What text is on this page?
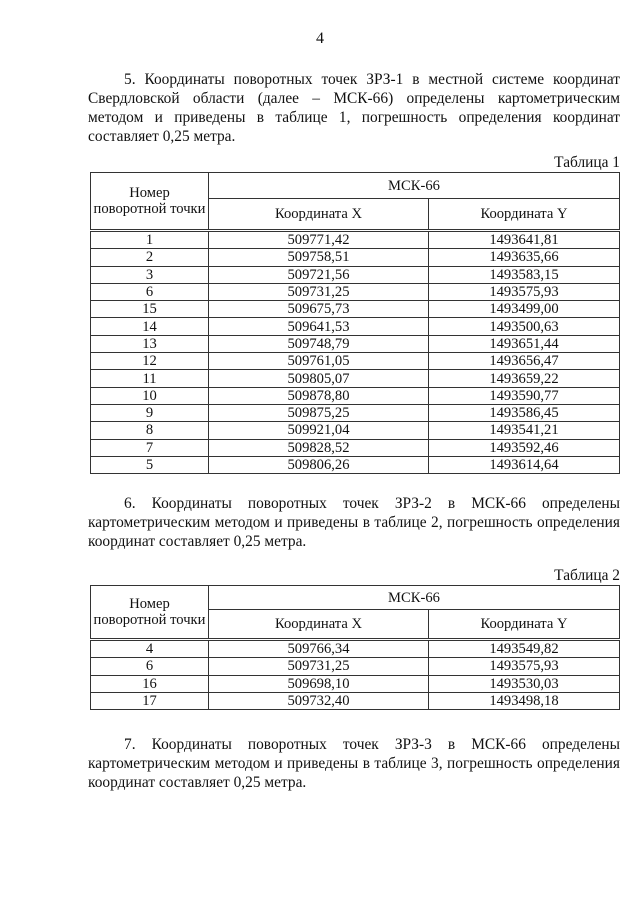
4

5. Координаты поворотных точек ЗРЗ-1 в местной системе координат Свердловской области (далее – МСК-66) определены картометрическим методом и приведены в таблице 1, погрешность определения координат составляет 0,25 метра.

Таблица 1
Номер поворотной точки	МСК-66	
	Координата X	Координата Y
1	509771,42	1493641,81
2	509758,51	1493635,66
3	509721,56	1493583,15
6	509731,25	1493575,93
15	509675,73	1493499,00
14	509641,53	1493500,63
13	509748,79	1493651,44
12	509761,05	1493656,47
11	509805,07	1493659,22
10	509878,80	1493590,77
9	509875,25	1493586,45
8	509921,04	1493541,21
7	509828,52	1493592,46
5	509806,26	1493614,64

6. Координаты поворотных точек ЗРЗ-2 в МСК-66 определены картометрическим методом и приведены в таблице 2, погрешность определения координат составляет 0,25 метра.

Таблица 2
Номер поворотной точки	МСК-66	
	Координата X	Координата Y
4	509766,34	1493549,82
6	509731,25	1493575,93
16	509698,10	1493530,03
17	509732,40	1493498,18

7. Координаты поворотных точек ЗРЗ-3 в МСК-66 определены картометрическим методом и приведены в таблице 3, погрешность определения координат составляет 0,25 метра.
